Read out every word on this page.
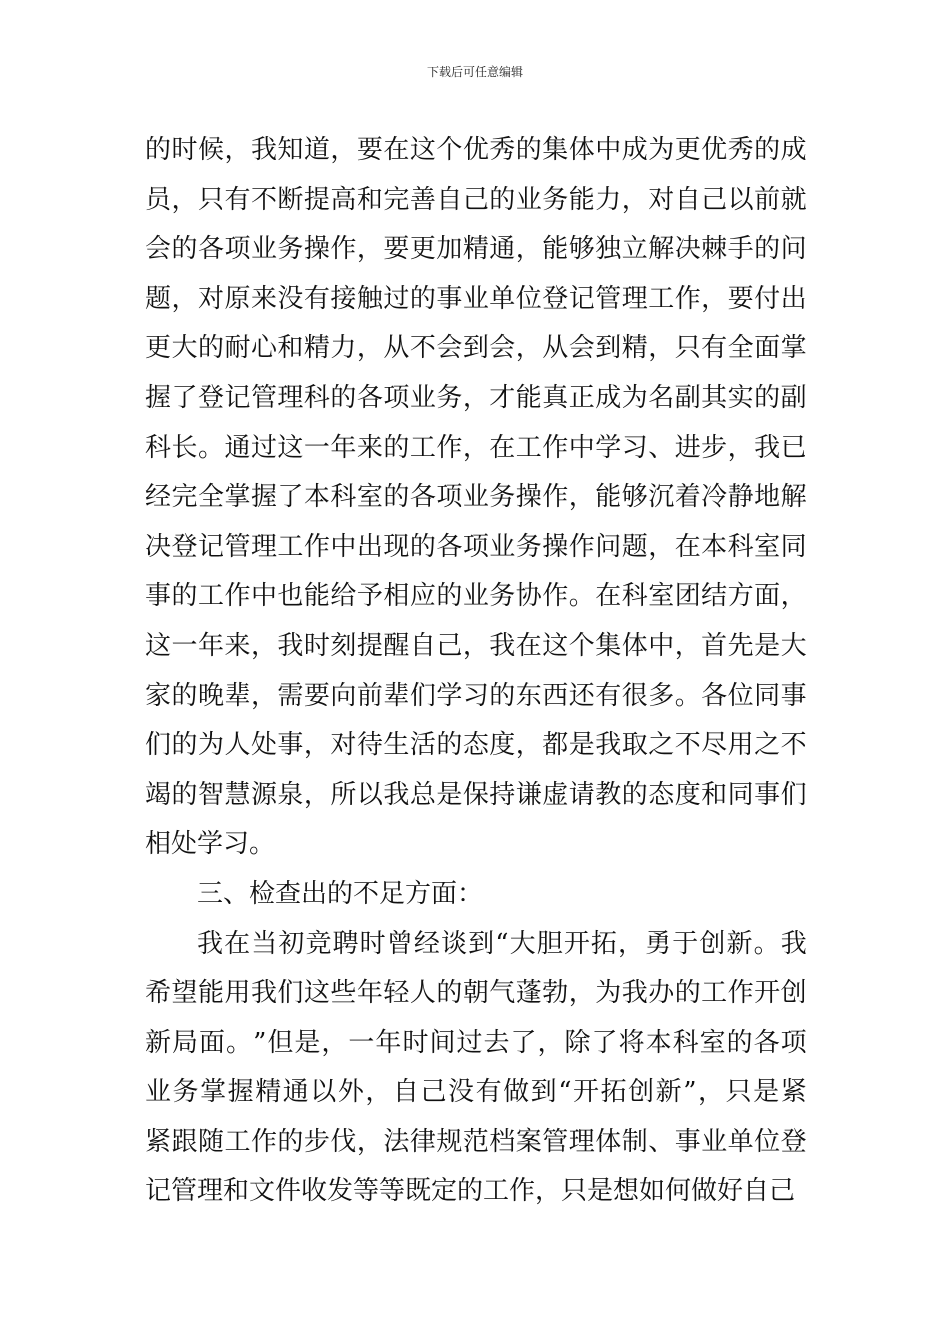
下载后可任意编辑
的 时 候 ， 我 知 道 ， 要 在 这 个 优 秀 的 集 体 中 成 为 更 优 秀 的 成
员 ， 只 有 不 断 提 高 和 完 善 自 己 的 业 务 能 力 ， 对 自 己 以 前 就
会 的 各 项 业 务 操 作 ， 要 更 加 精 通 ， 能 够 独 立 解 决 棘 手 的 问
题 ， 对 原 来 没 有 接 触 过 的 事 业 单 位 登 记 管 理 工 作 ， 要 付 出
更 大 的 耐 心 和 精 力 ， 从 不 会 到 会 ， 从 会 到 精 ， 只 有 全 面 掌
握 了 登 记 管 理 科 的 各 项 业 务 ， 才 能 真 正 成 为 名 副 其 实 的 副
科 长 。 通 过 这 一 年 来 的 工 作 ， 在 工 作 中 学 习 、 进 步 ， 我 已
经 完 全 掌 握 了 本 科 室 的 各 项 业 务 操 作 ， 能 够 沉 着 冷 静 地 解
决 登 记 管 理 工 作 中 出 现 的 各 项 业 务 操 作 问 题 ， 在 本 科 室 同
事 的 工 作 中 也 能 给 予 相 应 的 业 务 协 作 。 在 科 室 团 结 方 面 ，
这 一 年 来 ， 我 时 刻 提 醒 自 己 ， 我 在 这 个 集 体 中 ， 首 先 是 大
家 的 晚 辈 ， 需 要 向 前 辈 们 学 习 的 东 西 还 有 很 多 。 各 位 同 事
们 的 为 人 处 事 ， 对 待 生 活 的 态 度 ， 都 是 我 取 之 不 尽 用 之 不
竭 的 智 慧 源 泉 ， 所 以 我 总 是 保 持 谦 虚 请 教 的 态 度 和 同 事 们
相处学习。
三、检查出的不足方面：
我 在 当 初 竞 聘 时 曾 经 谈 到 “ 大 胆 开 拓 ， 勇 于 创 新 。 我
希 望 能 用 我 们 这 些 年 轻 人 的 朝 气 蓬 勃 ， 为 我 办 的 工 作 开 创
新 局 面 。 ” 但 是 ， 一 年 时 间 过 去 了 ， 除 了 将 本 科 室 的 各 项
业 务 掌 握 精 通 以 外 ， 自 己 没 有 做 到 “ 开 拓 创 新 ” ， 只 是 紧
紧 跟 随 工 作 的 步 伐 ， 法 律 规 范 档 案 管 理 体 制 、 事 业 单 位 登
记管理和文件收发等等既定的工作，只是想如何做好自己
